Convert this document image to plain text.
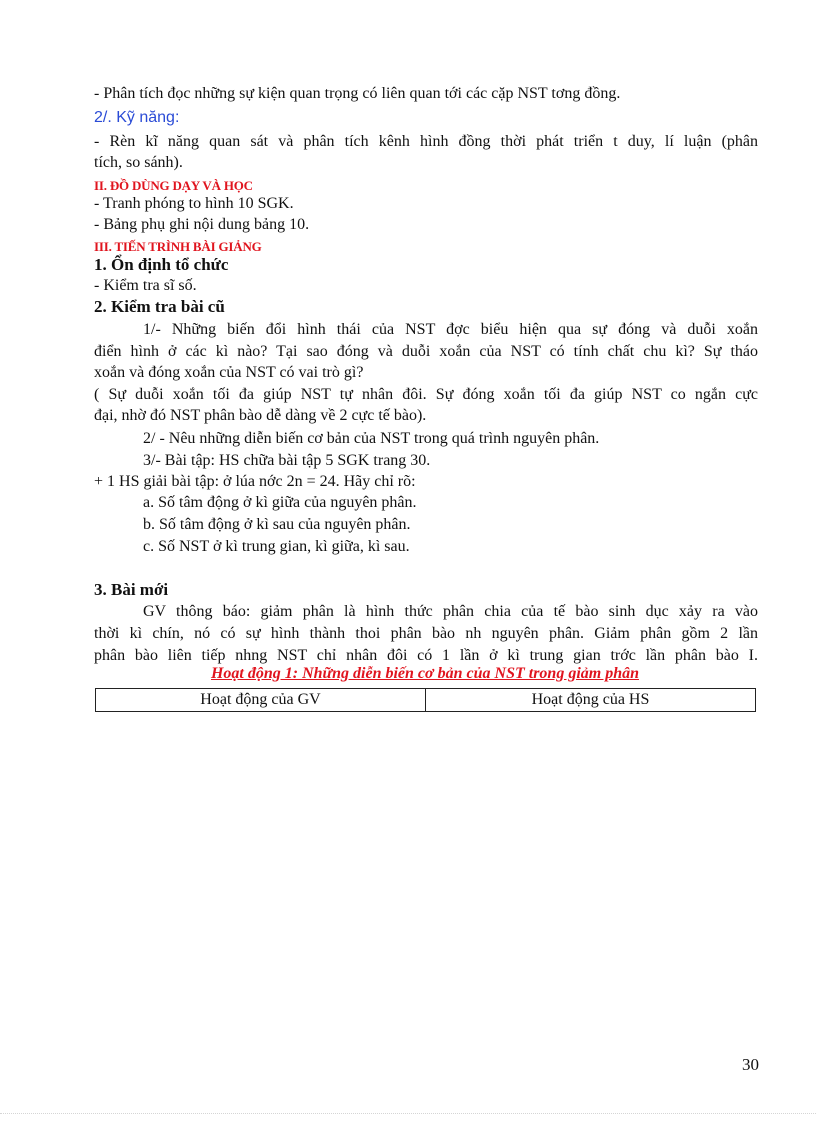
- Phân tích đọc những sự kiện quan trọng có liên quan tới các cặp NST tơng đồng.
2/. Kỹ năng:
- Rèn kĩ năng quan sát và phân tích kênh hình đồng thời phát triển t duy, lí luận (phân
tích, so sánh).
II. ĐỒ DÙNG DẠY VÀ HỌC
- Tranh phóng to hình 10 SGK.
- Bảng phụ ghi nội dung bảng 10.
III. TIẾN TRÌNH BÀI GIẢNG
1. Ổn định tổ chức
- Kiểm tra sĩ số.
2. Kiểm tra bài cũ
1/- Những biến đổi hình thái của NST đợc biểu hiện qua sự đóng và duỗi xoắn
điển hình ở các kì nào? Tại sao đóng và duỗi xoắn của NST có tính chất chu kì? Sự tháo
xoắn và đóng xoắn của NST có vai trò gì?
( Sự duỗi xoắn tối đa giúp NST tự nhân đôi. Sự đóng xoắn tối đa giúp NST co ngắn cực
đại, nhờ đó NST phân bào dễ dàng về 2 cực tế bào).
2/ - Nêu những diễn biến cơ bản của NST trong quá trình nguyên phân.
3/- Bài tập: HS chữa bài tập 5 SGK trang 30.
+ 1 HS giải bài tập: ở lúa nớc 2n = 24. Hãy chỉ rõ:
a. Số tâm động ở kì giữa của nguyên phân.
b. Số tâm động ở kì sau của nguyên phân.
c. Số NST ở kì trung gian, kì giữa, kì sau.
3. Bài mới
GV thông báo: giảm phân là hình thức phân chia của tế bào sinh dục xảy ra vào
thời kì chín, nó có sự hình thành thoi phân bào nh nguyên phân. Giảm phân gồm 2 lần
phân bào liên tiếp nhng NST chỉ nhân đôi có 1 lần ở kì trung gian trớc lần phân bào I.
Hoạt động 1: Những diễn biến cơ bản của NST trong giảm phân
Hoạt động của GV	Hoạt động của HS
30
